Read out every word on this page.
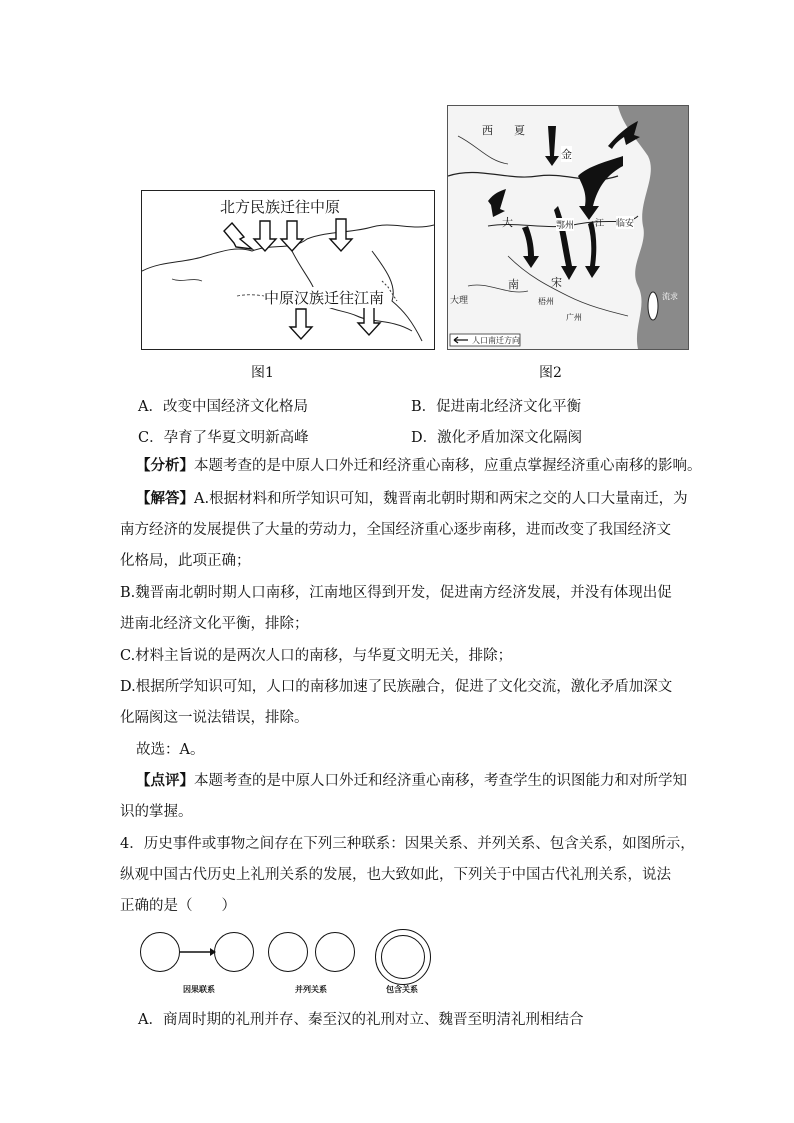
北方民族迁往中原
中原汉族迁往江南
图1
西 夏
金
大
南	宋
大理	梧州
广州
鄂州 江 临安
流求
人口南迁方向
图2
A．改变中国经济文化格局	B．促进南北经济文化平衡
C．孕育了华夏文明新高峰	D．激化矛盾加深文化隔阂
【分析】本题考查的是中原人口外迁和经济重心南移，应重点掌握经济重心南移的影响。
【解答】A.根据材料和所学知识可知，魏晋南北朝时期和两宋之交的人口大量南迁，为
南方经济的发展提供了大量的劳动力，全国经济重心逐步南移，进而改变了我国经济文
化格局，此项正确；
B.魏晋南北朝时期人口南移，江南地区得到开发，促进南方经济发展，并没有体现出促
进南北经济文化平衡，排除；
C.材料主旨说的是两次人口的南移，与华夏文明无关，排除；
D.根据所学知识可知，人口的南移加速了民族融合，促进了文化交流，激化矛盾加深文
化隔阂这一说法错误，排除。
故选：A。
【点评】本题考查的是中原人口外迁和经济重心南移，考查学生的识图能力和对所学知
识的掌握。
4．历史事件或事物之间存在下列三种联系：因果关系、并列关系、包含关系，如图所示，
纵观中国古代历史上礼刑关系的发展，也大致如此，下列关于中国古代礼刑关系，说法
正确的是（　　）
因果联系	并列关系	包含关系
A．商周时期的礼刑并存、秦至汉的礼刑对立、魏晋至明清礼刑相结合
